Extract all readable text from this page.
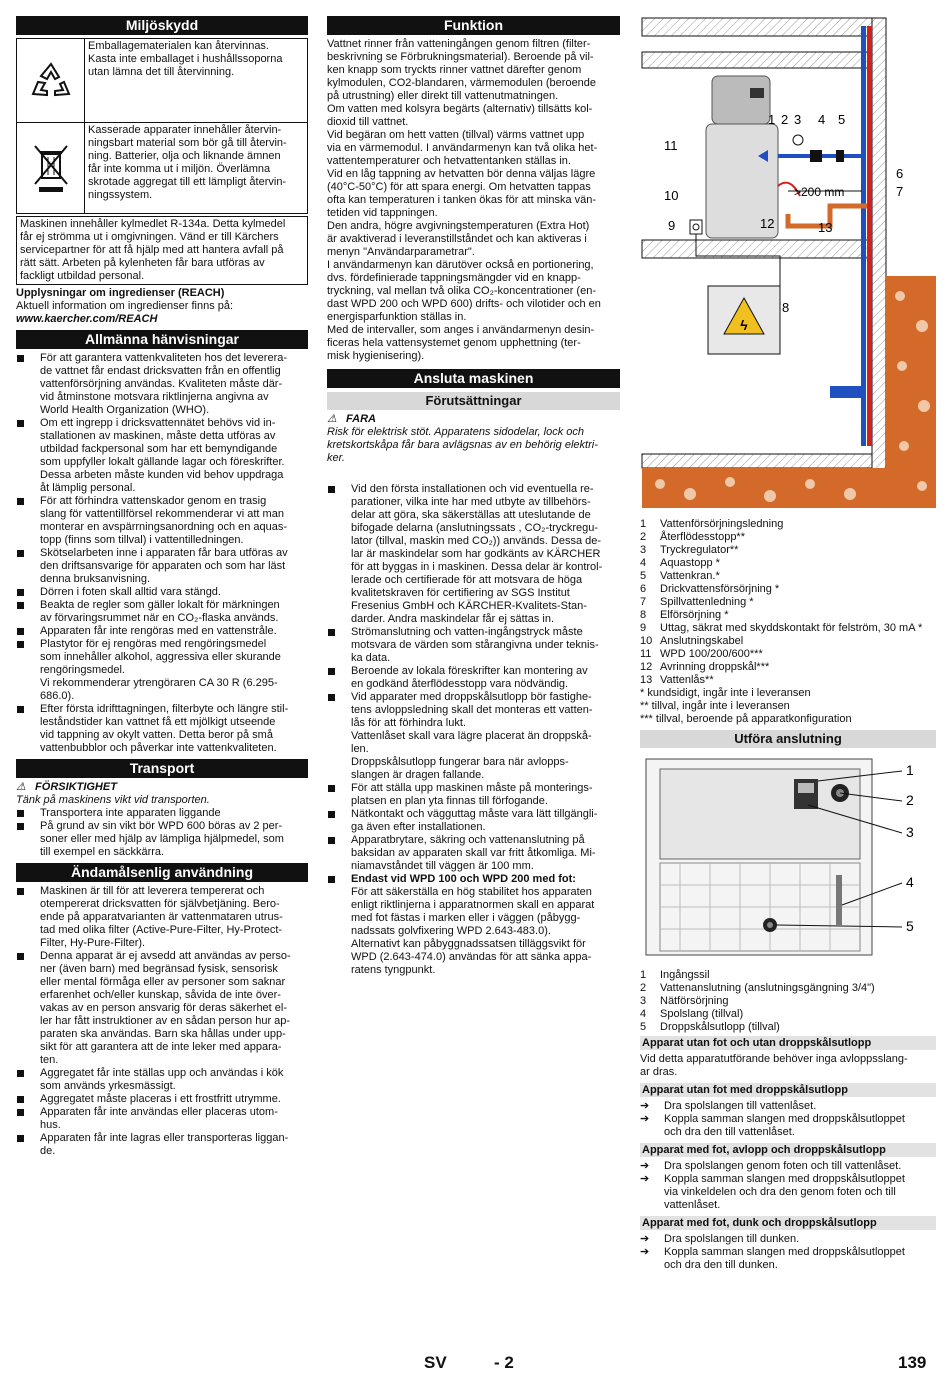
Miljöskydd
Emballagematerialen kan återvinnas.
Kasta inte emballaget i hushållssoporna
utan lämna det till återvinning.
Kasserade apparater innehåller återvin-
ningsbart material som bör gå till återvin-
ning. Batterier, olja och liknande ämnen
får inte komma ut i miljön. Överlämna
skrotade aggregat till ett lämpligt återvin-
ningssystem.
Maskinen innehåller kylmedlet R-134a. Detta kylmedel
får ej strömma ut i omgivningen. Vänd er till Kärchers
servicepartner för att få hjälp med att hantera avfall på
rätt sätt. Arbeten på kylenheten får bara utföras av
fackligt utbildad personal.
Upplysningar om ingredienser (REACH)
Aktuell information om ingredienser finns på:
www.kaercher.com/REACH
Allmänna hänvisningar
För att garantera vattenkvaliteten hos det leverera-
de vattnet får endast dricksvatten från en offentlig
vattenförsörjning användas. Kvaliteten måste där-
vid åtminstone motsvara riktlinjerna angivna av
World Health Organization (WHO).
Om ett ingrepp i dricksvattennätet behövs vid in-
stallationen av maskinen, måste detta utföras av
utbildad fackpersonal som har ett bemyndigande
som uppfyller lokalt gällande lagar och föreskrifter.
Dessa arbeten måste kunden vid behov uppdraga
åt lämplig personal.
För att förhindra vattenskador genom en trasig
slang för vattentillförsel rekommenderar vi att man
monterar en avspärrningsanordning och en aquas-
topp (finns som tillval) i vattentilledningen.
Skötselarbeten inne i apparaten får bara utföras av
den driftsansvarige för apparaten och som har läst
denna bruksanvisning.
Dörren i foten skall alltid vara stängd.
Beakta de regler som gäller lokalt för märkningen
av förvaringsrummet när en CO₂-flaska används.
Apparaten får inte rengöras med en vattenstråle.
Plastytor för ej rengöras med rengöringsmedel
som innehåller alkohol, aggressiva eller skurande
rengöringsmedel.
Vi rekommenderar ytrengöraren CA 30 R (6.295-
686.0).
Efter första idrifttagningen, filterbyte och längre stil-
leståndstider kan vattnet få ett mjölkigt utseende
vid tappning av okylt vatten. Detta beror på små
vattenbubblor och påverkar inte vattenkvaliteten.
Transport
⚠ FÖRSIKTIGHET
Tänk på maskinens vikt vid transporten.
Transportera inte apparaten liggande
På grund av sin vikt bör WPD 600 böras av 2 per-
soner eller med hjälp av lämpliga hjälpmedel, som
till exempel en säckkärra.
Ändamålsenlig användning
Maskinen är till för att leverera tempererat och
otempererat dricksvatten för självbetjäning. Bero-
ende på apparatvarianten är vattenmataren utrus-
tad med olika filter (Active-Pure-Filter, Hy-Protect-
Filter, Hy-Pure-Filter).
Denna apparat är ej avsedd att användas av perso-
ner (även barn) med begränsad fysisk, sensorisk
eller mental förmåga eller av personer som saknar
erfarenhet och/eller kunskap, såvida de inte över-
vakas av en person ansvarig för deras säkerhet el-
ler har fått instruktioner av en sådan person hur ap-
paraten ska användas. Barn ska hållas under upp-
sikt för att garantera att de inte leker med appara-
ten.
Aggregatet får inte ställas upp och användas i kök
som används yrkesmässigt.
Aggregatet måste placeras i ett frostfritt utrymme.
Apparaten får inte användas eller placeras utom-
hus.
Apparaten får inte lagras eller transporteras liggan-
de.
Funktion
Vattnet rinner från vatteningången genom filtren (filter-
beskrivning se Förbrukningsmaterial). Beroende på vil-
ken knapp som tryckts rinner vattnet därefter genom
kylmodulen, CO2-blandaren, värmemodulen (beroende
på utrustning) eller direkt till vattenutmatningen.
Om vatten med kolsyra begärts (alternativ) tillsätts kol-
dioxid till vattnet.
Vid begäran om hett vatten (tillval) värms vattnet upp
via en värmemodul. I användarmenyn kan två olika het-
vattentemperaturer och hetvattentanken ställas in.
Vid en låg tappning av hetvatten bör denna väljas lägre
(40°C-50°C) för att spara energi. Om hetvatten tappas
ofta kan temperaturen i tanken ökas för att minska vän-
tetiden vid tappningen.
Den andra, högre avgivningstemperaturen (Extra Hot)
är avaktiverad i leveranstillståndet och kan aktiveras i
menyn "Användarparametrar".
I användarmenyn kan därutöver också en portionering,
dvs. fördefinierade tappningsmängder vid en knapp-
tryckning, val mellan två olika CO₂-koncentrationer (en-
dast WPD 200 och WPD 600) drifts- och vilotider och en
energisparfunktion ställas in.
Med de intervaller, som anges i användarmenyn desin-
ficeras hela vattensystemet genom upphettning (ter-
misk hygienisering).
Ansluta maskinen
Förutsättningar
⚠ FARA
Risk för elektrisk stöt. Apparatens sidodelar, lock och
kretskortskåpa får bara avlägsnas av en behörig elektri-
ker.
Vid den första installationen och vid eventuella re-
parationer, vilka inte har med utbyte av tillbehörs-
delar att göra, ska säkerställas att uteslutande de
bifogade delarna (anslutningssats , CO₂-tryckregu-
lator (tillval, maskin med CO₂)) används. Dessa de-
lar är maskindelar som har godkänts av KÄRCHER
för att byggas in i maskinen. Dessa delar är kontrol-
lerade och certifierade för att motsvara de höga
kvalitetskraven för certifiering av SGS Institut
Fresenius GmbH och KÄRCHER-Kvalitets-Stan-
darder. Andra maskindelar får ej sättas in.
Strömanslutning och vatten-ingångstryck måste
motsvara de värden som stårangivna under teknis-
ka data.
Beroende av lokala föreskrifter kan montering av
en godkänd återflödesstopp vara nödvändig.
Vid apparater med droppskålsutlopp bör fastighe-
tens avloppsledning skall det monteras ett vatten-
lås för att förhindra lukt.
Vattenlåset skall vara lägre placerat än droppskå-
len.
Droppskålsutlopp fungerar bara när avlopps-
slangen är dragen fallande.
För att ställa upp maskinen måste på monterings-
platsen en plan yta finnas till förfogande.
Nätkontakt och vägguttag måste vara lätt tillgängli-
ga även efter installationen.
Apparatbrytare, säkring och vattenanslutning på
baksidan av apparaten skall var fritt åtkomliga. Mi-
niamavståndet till väggen är 100 mm.
Endast vid WPD 100 och WPD 200 med fot:
För att säkerställa en hög stabilitet hos apparaten
enligt riktlinjerna i apparatnormen skall en apparat
med fot fästas i marken eller i väggen (påbygg-
nadssats golvfixering WPD 2.643-483.0).
Alternativt kan påbyggnadssatsen tilläggsvikt för
WPD (2.643-474.0) användas för att sänka appa-
ratens tyngpunkt.
ϟ
1 2 3 4 5
6
7
8
9
10
11
12	13
>200 mm
1	Vattenförsörjningsledning
2	Återflödesstopp**
3	Tryckregulator**
4	Aquastopp *
5	Vattenkran.*
6	Drickvattensförsörjning *
7	Spillvattenledning *
8	Elförsörjning *
9	Uttag, säkrat med skyddskontakt för felström, 30 mA *
10 Anslutningskabel
11 WPD 100/200/600***
12 Avrinning droppskål***
13 Vattenlås**
* kundsidigt, ingår inte i leveransen
** tillval, ingår inte i leveransen
*** tillval, beroende på apparatkonfiguration
Utföra anslutning
1
2
3
4
5
1	Ingångssil
2	Vattenanslutning (anslutningsgängning 3/4")
3	Nätförsörjning
4	Spolslang (tillval)
5	Droppskålsutlopp (tillval)
Apparat utan fot och utan droppskålsutlopp
Vid detta apparatutförande behöver inga avloppsslang-
ar dras.
Apparat utan fot med droppskålsutlopp
➔ Dra spolslangen till vattenlåset.
➔ Koppla samman slangen med droppskålsutloppet
och dra den till vattenlåset.
Apparat med fot, avlopp och droppskålsutlopp
➔ Dra spolslangen genom foten och till vattenlåset.
➔ Koppla samman slangen med droppskålsutloppet
via vinkeldelen och dra den genom foten och till
vattenlåset.
Apparat med fot, dunk och droppskålsutlopp
➔ Dra spolslangen till dunken.
➔ Koppla samman slangen med droppskålsutloppet
och dra den till dunken.
SV	- 2	139
